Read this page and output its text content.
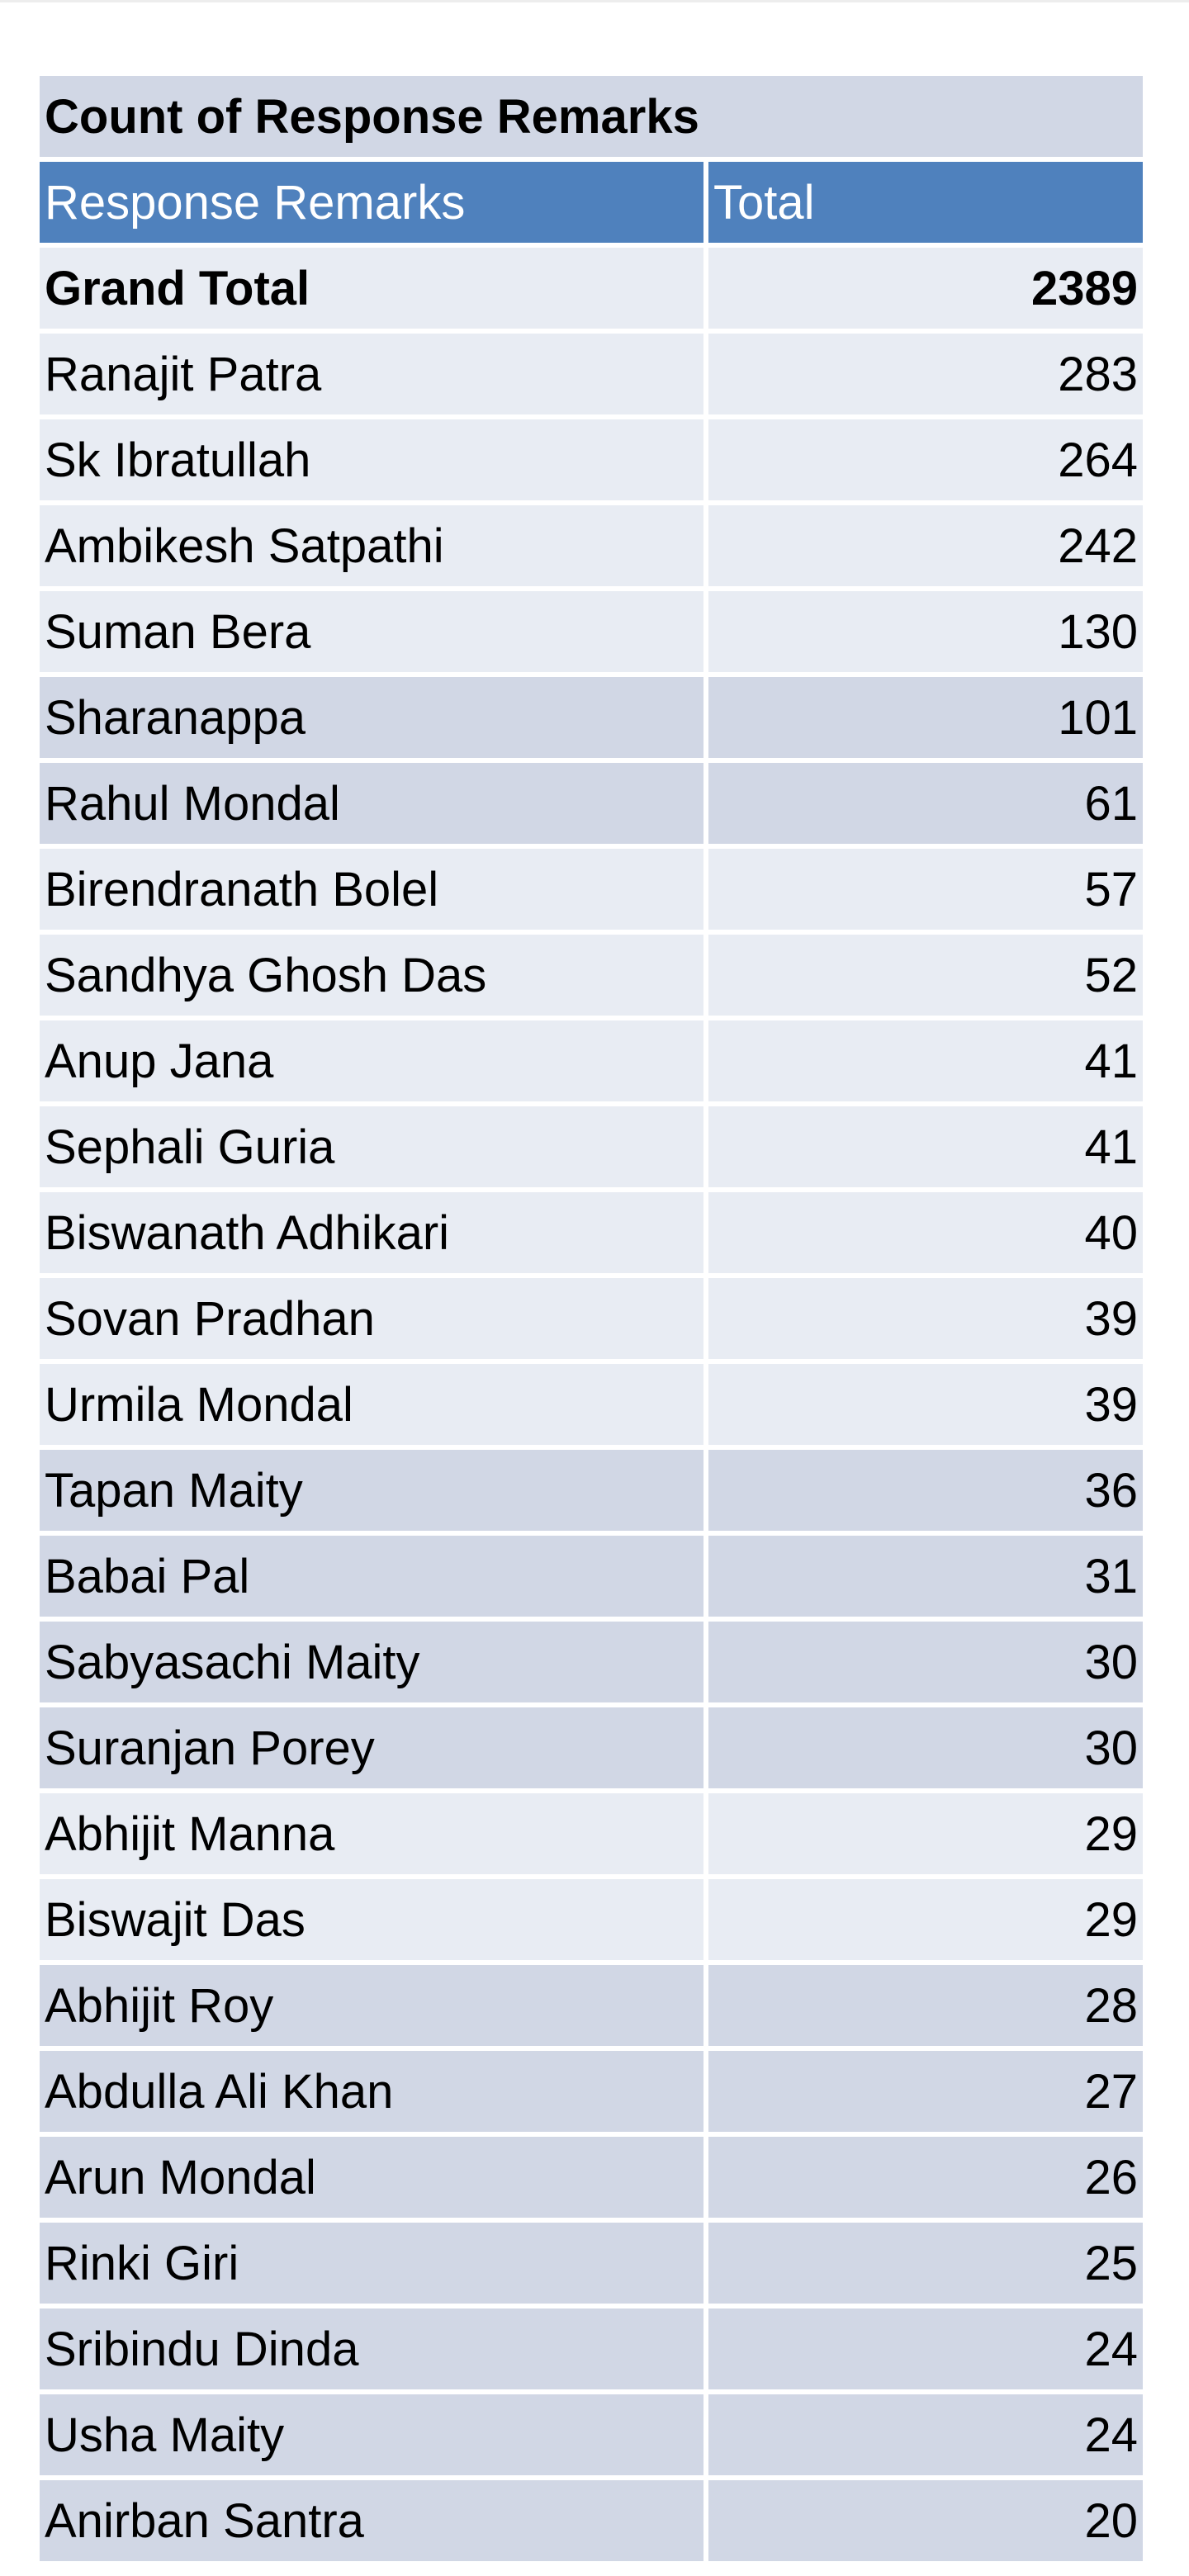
Count of Response Remarks
Response Remarks	Total
Grand Total	2389
Ranajit Patra	283
Sk Ibratullah	264
Ambikesh Satpathi	242
Suman Bera	130
Sharanappa	101
Rahul Mondal	61
Birendranath Bolel	57
Sandhya Ghosh Das	52
Anup Jana	41
Sephali Guria	41
Biswanath Adhikari	40
Sovan Pradhan	39
Urmila Mondal	39
Tapan Maity	36
Babai Pal	31
Sabyasachi Maity	30
Suranjan Porey	30
Abhijit Manna	29
Biswajit Das	29
Abhijit Roy	28
Abdulla Ali Khan	27
Arun Mondal	26
Rinki Giri	25
Sribindu Dinda	24
Usha Maity	24
Anirban Santra	20
